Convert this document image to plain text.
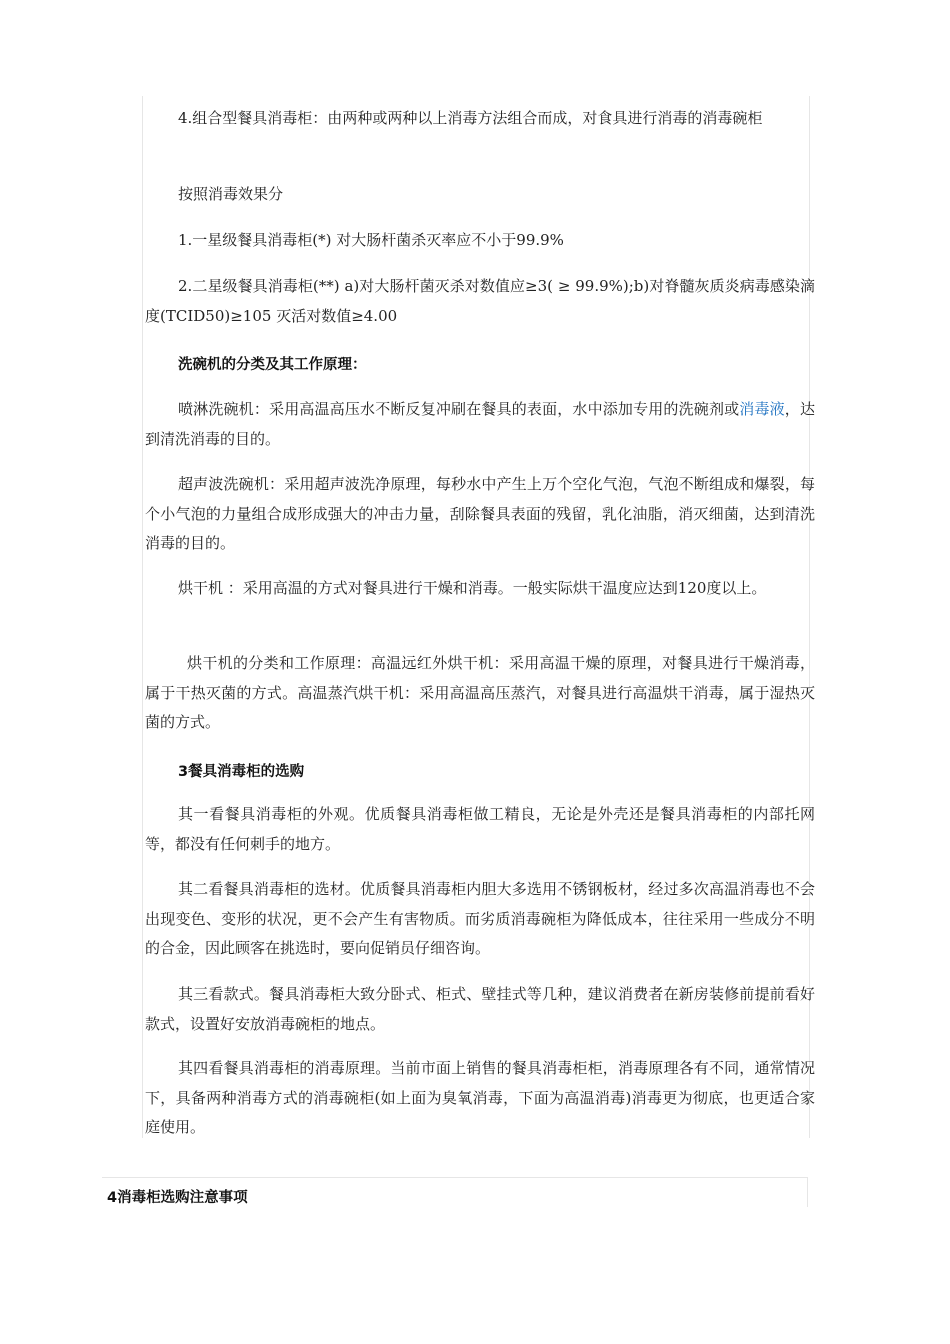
4.组合型餐具消毒柜：由两种或两种以上消毒方法组合而成，对食具进行消毒的消毒碗柜

按照消毒效果分

1.一星级餐具消毒柜(*) 对大肠杆菌杀灭率应不小于99.9%

2.二星级餐具消毒柜(**) a)对大肠杆菌灭杀对数值应≥3( ≥ 99.9%);b)对脊髓灰质炎病毒感染滴度(TCID50)≥105 灭活对数值≥4.00

洗碗机的分类及其工作原理：

喷淋洗碗机：采用高温高压水不断反复冲刷在餐具的表面，水中添加专用的洗碗剂或消毒液，达到清洗消毒的目的。

超声波洗碗机：采用超声波洗净原理，每秒水中产生上万个空化气泡，气泡不断组成和爆裂，每个小气泡的力量组合成形成强大的冲击力量，刮除餐具表面的残留，乳化油脂，消灭细菌，达到清洗消毒的目的。

烘干机 ：采用高温的方式对餐具进行干燥和消毒。一般实际烘干温度应达到120度以上。

烘干机的分类和工作原理：高温远红外烘干机：采用高温干燥的原理，对餐具进行干燥消毒，属于干热灭菌的方式。高温蒸汽烘干机：采用高温高压蒸汽，对餐具进行高温烘干消毒，属于湿热灭菌的方式。

3餐具消毒柜的选购

其一看餐具消毒柜的外观。优质餐具消毒柜做工精良，无论是外壳还是餐具消毒柜的内部托网等，都没有任何刺手的地方。

其二看餐具消毒柜的选材。优质餐具消毒柜内胆大多选用不锈钢板材，经过多次高温消毒也不会出现变色、变形的状况，更不会产生有害物质。而劣质消毒碗柜为降低成本，往往采用一些成分不明的合金，因此顾客在挑选时，要向促销员仔细咨询。

其三看款式。餐具消毒柜大致分卧式、柜式、壁挂式等几种，建议消费者在新房装修前提前看好款式，设置好安放消毒碗柜的地点。

其四看餐具消毒柜的消毒原理。当前市面上销售的餐具消毒柜柜，消毒原理各有不同，通常情况下，具备两种消毒方式的消毒碗柜(如上面为臭氧消毒，下面为高温消毒)消毒更为彻底，也更适合家庭使用。

4消毒柜选购注意事项
